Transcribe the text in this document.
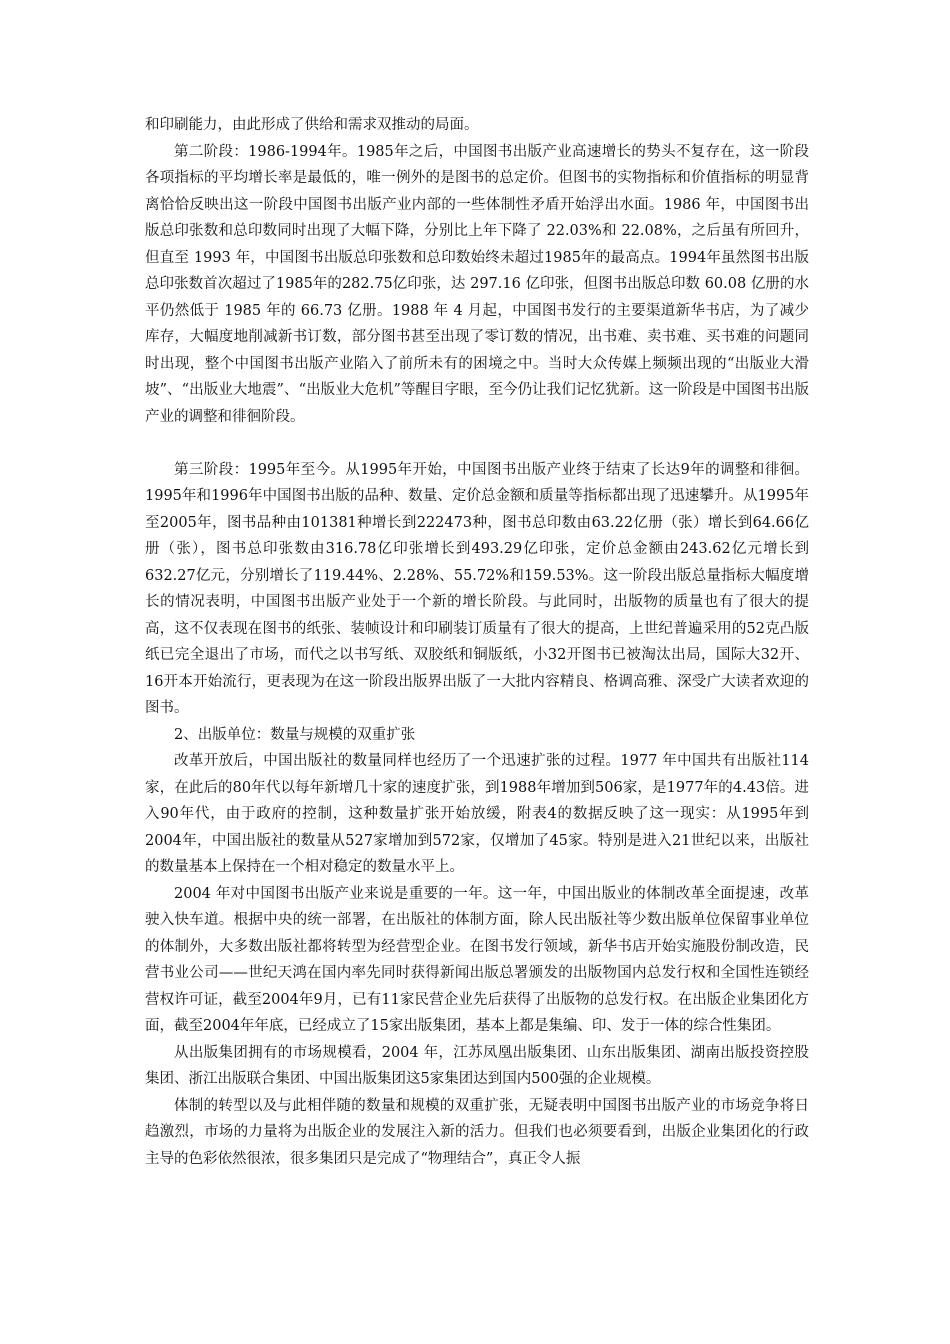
和印刷能力，由此形成了供给和需求双推动的局面。

第二阶段：1986-1994年。1985年之后，中国图书出版产业高速增长的势头不复存在，这一阶段各项指标的平均增长率是最低的，唯一例外的是图书的总定价。但图书的实物指标和价值指标的明显背离恰恰反映出这一阶段中国图书出版产业内部的一些体制性矛盾开始浮出水面。1986 年，中国图书出版总印张数和总印数同时出现了大幅下降，分别比上年下降了 22.03%和 22.08%，之后虽有所回升，但直至 1993 年，中国图书出版总印张数和总印数始终未超过1985年的最高点。1994年虽然图书出版总印张数首次超过了1985年的282.75亿印张，达 297.16 亿印张，但图书出版总印数 60.08 亿册的水平仍然低于 1985 年的 66.73 亿册。1988 年 4 月起，中国图书发行的主要渠道新华书店，为了减少库存，大幅度地削减新书订数，部分图书甚至出现了零订数的情况，出书难、卖书难、买书难的问题同时出现，整个中国图书出版产业陷入了前所未有的困境之中。当时大众传媒上频频出现的“出版业大滑坡”、“出版业大地震”、“出版业大危机”等醒目字眼，至今仍让我们记忆犹新。这一阶段是中国图书出版产业的调整和徘徊阶段。

第三阶段：1995年至今。从1995年开始，中国图书出版产业终于结束了长达9年的调整和徘徊。1995年和1996年中国图书出版的品种、数量、定价总金额和质量等指标都出现了迅速攀升。从1995年至2005年，图书品种由101381种增长到222473种，图书总印数由63.22亿册（张）增长到64.66亿册（张），图书总印张数由316.78亿印张增长到493.29亿印张，定价总金额由243.62亿元增长到632.27亿元，分别增长了119.44%、2.28%、55.72%和159.53%。这一阶段出版总量指标大幅度增长的情况表明，中国图书出版产业处于一个新的增长阶段。与此同时，出版物的质量也有了很大的提高，这不仅表现在图书的纸张、装帧设计和印刷装订质量有了很大的提高，上世纪普遍采用的52克凸版纸已完全退出了市场，而代之以书写纸、双胶纸和铜版纸，小32开图书已被淘汰出局，国际大32开、16开本开始流行，更表现为在这一阶段出版界出版了一大批内容精良、格调高雅、深受广大读者欢迎的图书。

2、出版单位：数量与规模的双重扩张

改革开放后，中国出版社的数量同样也经历了一个迅速扩张的过程。1977 年中国共有出版社114家，在此后的80年代以每年新增几十家的速度扩张，到1988年增加到506家，是1977年的4.43倍。进入90年代，由于政府的控制，这种数量扩张开始放缓，附表4的数据反映了这一现实：从1995年到2004年，中国出版社的数量从527家增加到572家，仅增加了45家。特别是进入21世纪以来，出版社的数量基本上保持在一个相对稳定的数量水平上。

2004 年对中国图书出版产业来说是重要的一年。这一年，中国出版业的体制改革全面提速，改革驶入快车道。根据中央的统一部署，在出版社的体制方面，除人民出版社等少数出版单位保留事业单位的体制外，大多数出版社都将转型为经营型企业。在图书发行领域，新华书店开始实施股份制改造，民营书业公司——世纪天鸿在国内率先同时获得新闻出版总署颁发的出版物国内总发行权和全国性连锁经营权许可证，截至2004年9月，已有11家民营企业先后获得了出版物的总发行权。在出版企业集团化方面，截至2004年年底，已经成立了15家出版集团，基本上都是集编、印、发于一体的综合性集团。

从出版集团拥有的市场规模看，2004 年，江苏凤凰出版集团、山东出版集团、湖南出版投资控股集团、浙江出版联合集团、中国出版集团这5家集团达到国内500强的企业规模。

体制的转型以及与此相伴随的数量和规模的双重扩张，无疑表明中国图书出版产业的市场竞争将日趋激烈，市场的力量将为出版企业的发展注入新的活力。但我们也必须要看到，出版企业集团化的行政主导的色彩依然很浓，很多集团只是完成了“物理结合”，真正令人振
